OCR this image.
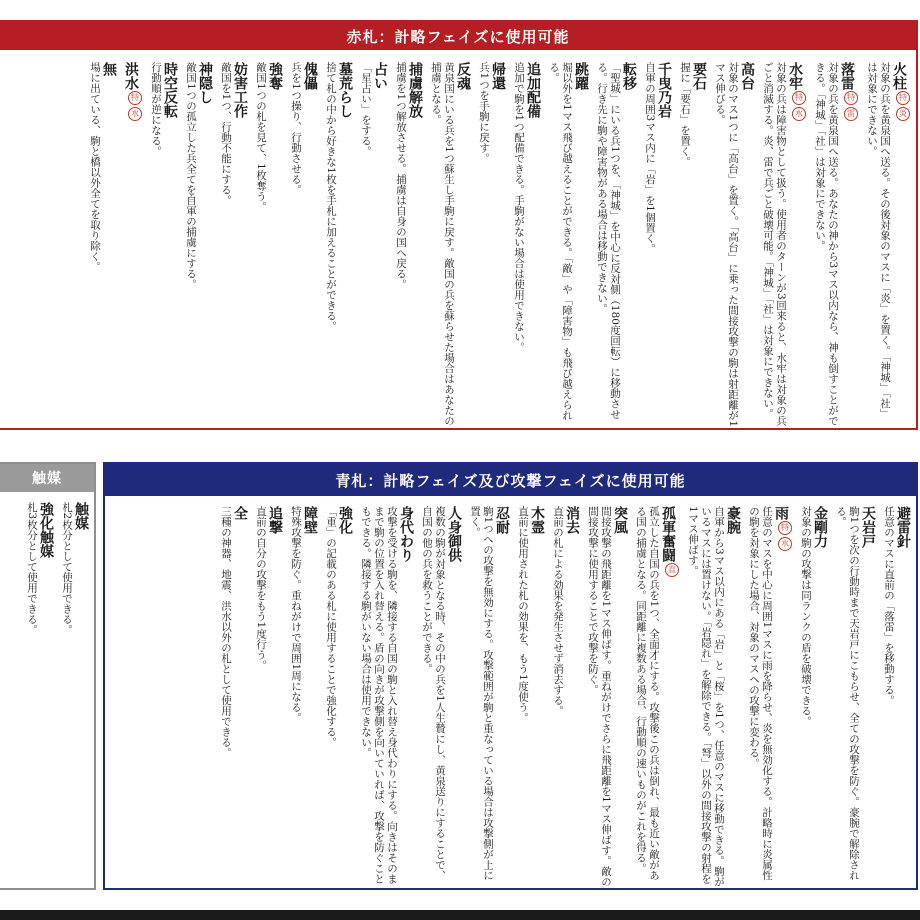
赤札：計略フェイズに使用可能
火柱特炎
対象の兵を黄泉国へ送る。その後対象のマスに「炎」を置く。「神城」「社」は対象にできない。
落雷特雷
対象の兵を黄泉国へ送る。あなたの神から3マス以内なら、神も倒すことができる。「神城」「社」は対象にできない。
水牢特水
対象の兵は障害物として扱う。使用者のターンが3回来ると、水牢は対象の兵ごと消滅する。炎、雷で兵ごと破壊可能。「神城」「社」は対象にできない。
高台
対象のマス1つに「高台」を置く。「高台」に乗った間接攻撃の駒は射距離が1マス伸びる。
要石
握に「要石」を置く。
千曳乃岩
自軍の周囲3マス内に「岩」を1個置く。
転移
「聖城」にいる兵1つを、「神城」を中心に反対側（180度回転）に移動させる。行き先に駒や障害物がある場合は移動できない。
跳躍
堀以外を1マス飛び越えることができる。「敵」や「障害物」も飛び越えられる。
追加配備
追加で駒を1つ配備できる。手駒がない場合は使用できない。
帰還
兵1つを手駒に戻す。
反魂
黄泉国にいる兵を1つ蘇生し手駒に戻す。敵国の兵を蘇らせた場合はあなたの捕虜となる。
捕虜解放
捕虜を1つ解放させる。捕虜は自身の国へ戻る。
占い
「星占い」をする。
墓荒らし
捨て札の中から好きな1枚を手札に加えることができる。
傀儡
兵を1つ操り、行動させる。
強奪
敵国1つの札を見て、1枚奪う。
妨害工作
敵国を1つ、行動不能にする。
神隠し
敵国1つの孤立した兵全てを自軍の捕虜にする。
時空反転
行動順が逆になる。
洪水特水
無
場に出ている、駒と橋以外全てを取り除く。
触媒
触媒
札2枚分として使用できる。
強化触媒
札3枚分として使用できる。
青札：計略フェイズ及び攻撃フェイズに使用可能
避雷針
任意のマスに直前の「落雷」を移動する。
天岩戸
駒1つを次の行動時まで天岩戸にこもらせ、全ての攻撃を防ぐ。豪腕で解除される。
金剛力
対象の駒の攻撃は同ランクの盾を破壊できる。
雨特水
任意のマスを中心に周囲1マスに雨を降らせ、炎を無効化する。計略時に炎属性の駒を対象にした場合、対象のマスへの攻撃に変わる。
豪腕
自軍から3マス以内にある「岩」と「桜」を1つ、任意のマスに移動できる。駒がいるマスには置けない。「岩隠れ」を解除できる。「弩」以外の間接攻撃の射程を1マス伸ばす。
孤軍奮闘直
孤立した自国の兵を1つ、全面才にする。攻撃後この兵は倒れ、最も近い敵がある国の捕虜となる。同距離に複数ある場合、行動順の速いものがこれを得る。
突風
間接攻撃の飛距離を1マス伸ばす。重ねがけでさらに飛距離を1マス伸ばす。敵の間接攻撃に使用することで攻撃を防ぐ。
消去
直前の札による効果を発生させず消去する。
木霊
直前に使用された札の効果を、もう1度使う。
忍耐
駒1つへの攻撃を無効にする。攻撃範囲が駒と重なっている場合は攻撃側が上に置く。
人身御供
複数の駒が対象となる時、その中の兵を1人生贄にし、黄泉送りにすることで、自国の他の兵を救うことができる。
身代わり
攻撃を受ける駒を、隣接する自国の駒と入れ替え身代わりにする。向きはそのままで駒の位置を入れ替える。盾の向きが攻撃側を向いていれば、攻撃を防ぐこともできる。隣接する駒がいない場合は使用できない。
強化
「重」の記載のある札に使用することで強化する。
障壁
特殊攻撃を防ぐ。重ねがけで周囲1周になる。
追撃
直前の自分の攻撃をもう1度行う。
全
三種の神器、地震、洪水以外の札として使用できる。
